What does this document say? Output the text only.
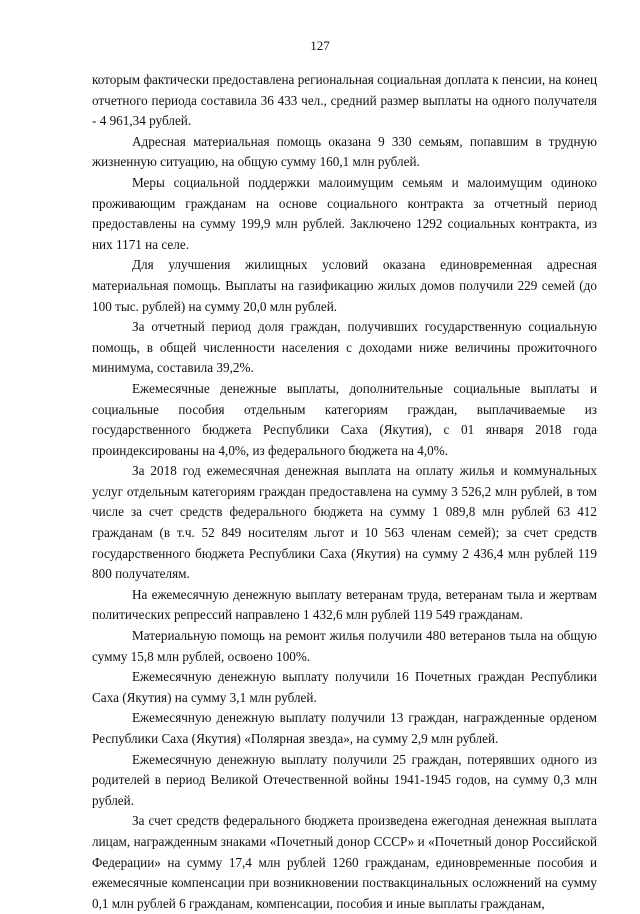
127

которым фактически предоставлена региональная социальная доплата к пенсии, на конец отчетного периода составила 36 433 чел., средний размер выплаты на одного получателя - 4 961,34 рублей.

Адресная материальная помощь оказана 9 330 семьям, попавшим в трудную жизненную ситуацию, на общую сумму 160,1 млн рублей.

Меры социальной поддержки малоимущим семьям и малоимущим одиноко проживающим гражданам на основе социального контракта за отчетный период предоставлены на сумму 199,9 млн рублей. Заключено 1292 социальных контракта, из них 1171 на селе.

Для улучшения жилищных условий оказана единовременная адресная материальная помощь. Выплаты на газификацию жилых домов получили 229 семей (до 100 тыс. рублей) на сумму 20,0 млн рублей.

За отчетный период доля граждан, получивших государственную социальную помощь, в общей численности населения с доходами ниже величины прожиточного минимума, составила 39,2%.

Ежемесячные денежные выплаты, дополнительные социальные выплаты и социальные пособия отдельным категориям граждан, выплачиваемые из государственного бюджета Республики Саха (Якутия), с 01 января 2018 года проиндексированы на 4,0%, из федерального бюджета на 4,0%.

За 2018 год ежемесячная денежная выплата на оплату жилья и коммунальных услуг отдельным категориям граждан предоставлена на сумму 3 526,2 млн рублей, в том числе за счет средств федерального бюджета на сумму 1 089,8 млн рублей 63 412 гражданам (в т.ч. 52 849 носителям льгот и 10 563 членам семей); за счет средств государственного бюджета Республики Саха (Якутия) на сумму 2 436,4 млн рублей 119 800 получателям.

На ежемесячную денежную выплату ветеранам труда, ветеранам тыла и жертвам политических репрессий направлено 1 432,6 млн рублей 119 549 гражданам.

Материальную помощь на ремонт жилья получили 480 ветеранов тыла на общую сумму 15,8 млн рублей, освоено 100%.

Ежемесячную денежную выплату получили 16 Почетных граждан Республики Саха (Якутия) на сумму 3,1 млн рублей.

Ежемесячную денежную выплату получили 13 граждан, награжденные орденом Республики Саха (Якутия) «Полярная звезда», на сумму 2,9 млн рублей.

Ежемесячную денежную выплату получили 25 граждан, потерявших одного из родителей в период Великой Отечественной войны 1941-1945 годов, на сумму 0,3 млн рублей.

За счет средств федерального бюджета произведена ежегодная денежная выплата лицам, награжденным знаками «Почетный донор СССР» и «Почетный донор Российской Федерации» на сумму 17,4 млн рублей 1260 гражданам, единовременные пособия и ежемесячные компенсации при возникновении поствакцинальных осложнений на сумму 0,1 млн рублей 6 гражданам, компенсации, пособия и иные выплаты гражданам,
